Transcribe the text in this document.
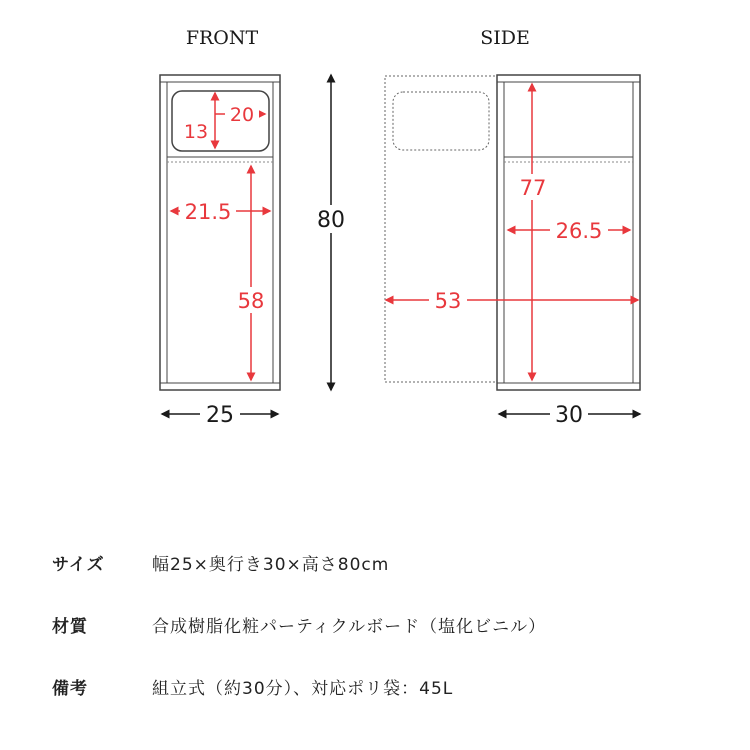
FRONT	SIDE
20
13
21.5
58
80
25
77
26.5
53
30
サイズ	幅25×奥行き30×高さ80cm
材質	合成樹脂化粧パーティクルボード（塩化ビニル）
備考	組立式（約30分）、対応ポリ袋：45L
